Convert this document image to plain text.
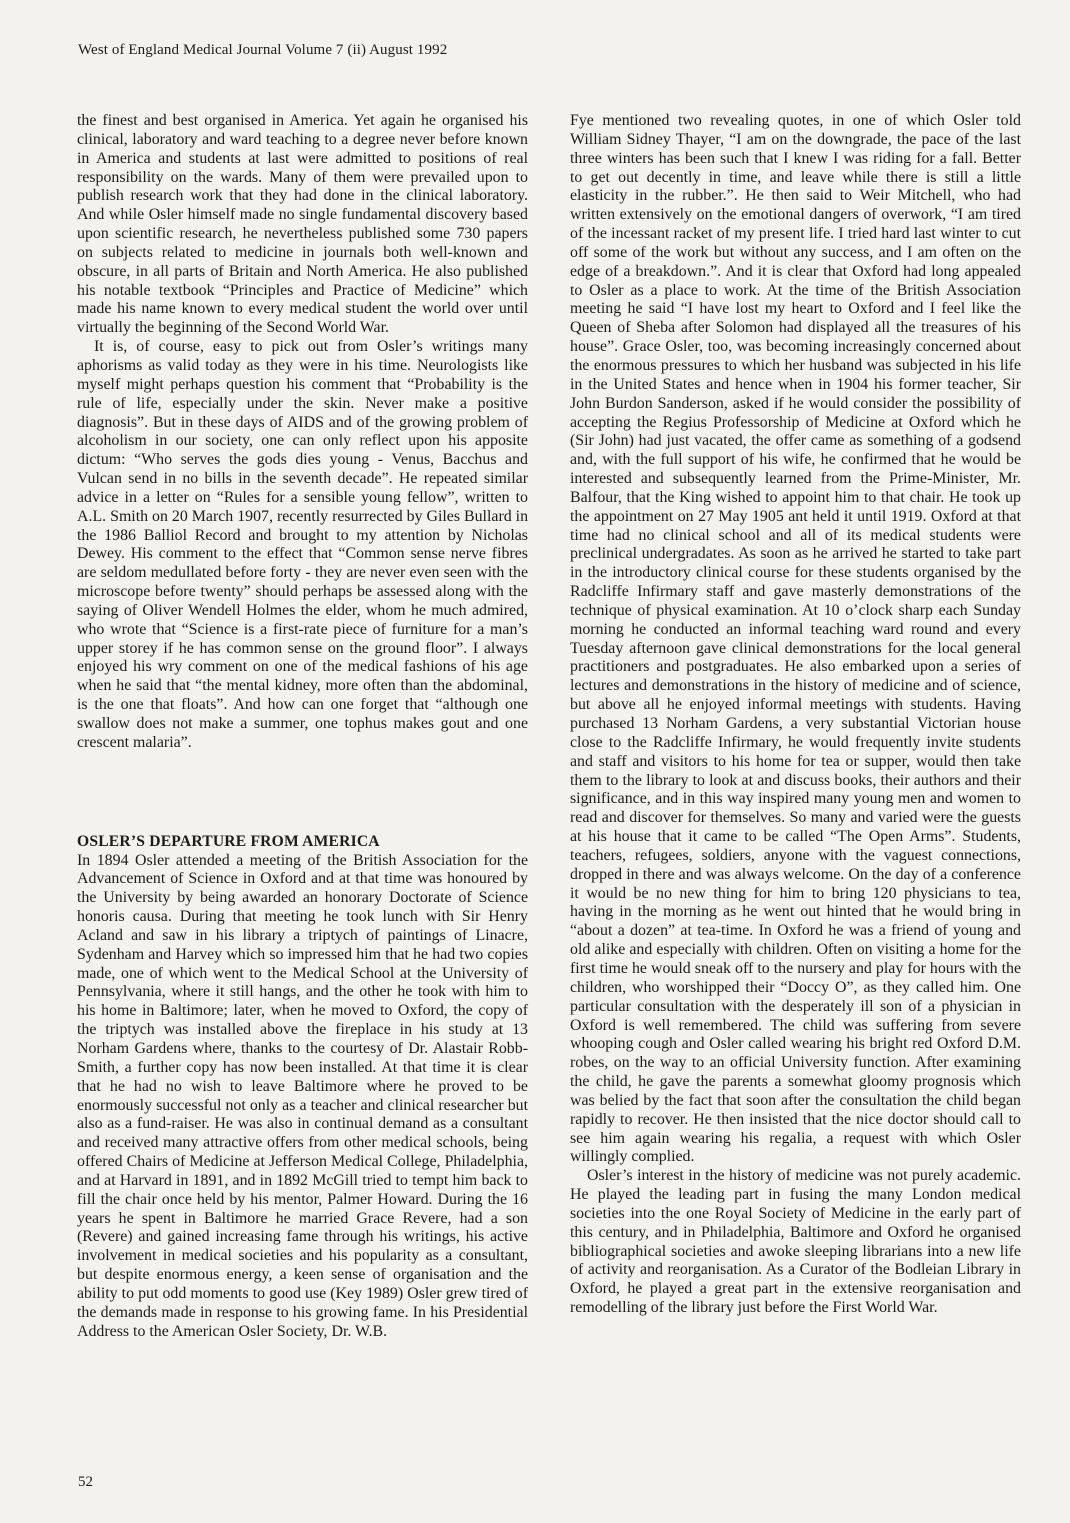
West of England Medical Journal Volume 7 (ii) August 1992

the finest and best organised in America. Yet again he organised his clinical, laboratory and ward teaching to a degree never before known in America and students at last were admitted to positions of real responsibility on the wards. Many of them were prevailed upon to publish research work that they had done in the clinical laboratory. And while Osler himself made no single fundamental discovery based upon scientific research, he nevertheless published some 730 papers on subjects related to medicine in journals both well-known and obscure, in all parts of Britain and North America. He also published his notable textbook “Principles and Practice of Medicine” which made his name known to every medical student the world over until virtually the beginning of the Second World War.

It is, of course, easy to pick out from Osler’s writings many aphorisms as valid today as they were in his time. Neurologists like myself might perhaps question his comment that “Probability is the rule of life, especially under the skin. Never make a positive diagnosis”. But in these days of AIDS and of the growing problem of alcoholism in our society, one can only reflect upon his apposite dictum: “Who serves the gods dies young - Venus, Bacchus and Vulcan send in no bills in the seventh decade”. He repeated similar advice in a letter on “Rules for a sensible young fellow”, written to A.L. Smith on 20 March 1907, recently resurrected by Giles Bullard in the 1986 Balliol Record and brought to my attention by Nicholas Dewey. His comment to the effect that “Common sense nerve fibres are seldom medullated before forty - they are never even seen with the microscope before twenty” should perhaps be assessed along with the saying of Oliver Wendell Holmes the elder, whom he much admired, who wrote that “Science is a first-rate piece of furniture for a man’s upper storey if he has common sense on the ground floor”. I always enjoyed his wry comment on one of the medical fashions of his age when he said that “the mental kidney, more often than the abdominal, is the one that floats”. And how can one forget that “although one swallow does not make a summer, one tophus makes gout and one crescent malaria”.

OSLER’S DEPARTURE FROM AMERICA

In 1894 Osler attended a meeting of the British Association for the Advancement of Science in Oxford and at that time was honoured by the University by being awarded an honorary Doctorate of Science honoris causa. During that meeting he took lunch with Sir Henry Acland and saw in his library a triptych of paintings of Linacre, Sydenham and Harvey which so impressed him that he had two copies made, one of which went to the Medical School at the University of Pennsylvania, where it still hangs, and the other he took with him to his home in Baltimore; later, when he moved to Oxford, the copy of the triptych was installed above the fireplace in his study at 13 Norham Gardens where, thanks to the courtesy of Dr. Alastair Robb-Smith, a further copy has now been installed. At that time it is clear that he had no wish to leave Baltimore where he proved to be enormously successful not only as a teacher and clinical researcher but also as a fund-raiser. He was also in continual demand as a consultant and received many attractive offers from other medical schools, being offered Chairs of Medicine at Jefferson Medical College, Philadelphia, and at Harvard in 1891, and in 1892 McGill tried to tempt him back to fill the chair once held by his mentor, Palmer Howard. During the 16 years he spent in Baltimore he married Grace Revere, had a son (Revere) and gained increasing fame through his writings, his active involvement in medical societies and his popularity as a consultant, but despite enormous energy, a keen sense of organisation and the ability to put odd moments to good use (Key 1989) Osler grew tired of the demands made in response to his growing fame. In his Presidential Address to the American Osler Society, Dr. W.B.

Fye mentioned two revealing quotes, in one of which Osler told William Sidney Thayer, “I am on the downgrade, the pace of the last three winters has been such that I knew I was riding for a fall. Better to get out decently in time, and leave while there is still a little elasticity in the rubber.”. He then said to Weir Mitchell, who had written extensively on the emotional dangers of overwork, “I am tired of the incessant racket of my present life. I tried hard last winter to cut off some of the work but without any success, and I am often on the edge of a breakdown.”. And it is clear that Oxford had long appealed to Osler as a place to work. At the time of the British Association meeting he said “I have lost my heart to Oxford and I feel like the Queen of Sheba after Solomon had displayed all the treasures of his house”. Grace Osler, too, was becoming increasingly concerned about the enormous pressures to which her husband was subjected in his life in the United States and hence when in 1904 his former teacher, Sir John Burdon Sanderson, asked if he would consider the possibility of accepting the Regius Professorship of Medicine at Oxford which he (Sir John) had just vacated, the offer came as something of a godsend and, with the full support of his wife, he confirmed that he would be interested and subsequently learned from the Prime-Minister, Mr. Balfour, that the King wished to appoint him to that chair. He took up the appointment on 27 May 1905 ant held it until 1919. Oxford at that time had no clinical school and all of its medical students were preclinical undergradates. As soon as he arrived he started to take part in the introductory clinical course for these students organised by the Radcliffe Infirmary staff and gave masterly demonstrations of the technique of physical examination. At 10 o’clock sharp each Sunday morning he conducted an informal teaching ward round and every Tuesday afternoon gave clinical demonstrations for the local general practitioners and postgraduates. He also embarked upon a series of lectures and demonstrations in the history of medicine and of science, but above all he enjoyed informal meetings with students. Having purchased 13 Norham Gardens, a very substantial Victorian house close to the Radcliffe Infirmary, he would frequently invite students and staff and visitors to his home for tea or supper, would then take them to the library to look at and discuss books, their authors and their significance, and in this way inspired many young men and women to read and discover for themselves. So many and varied were the guests at his house that it came to be called “The Open Arms”. Students, teachers, refugees, soldiers, anyone with the vaguest connections, dropped in there and was always welcome. On the day of a conference it would be no new thing for him to bring 120 physicians to tea, having in the morning as he went out hinted that he would bring in “about a dozen” at tea-time. In Oxford he was a friend of young and old alike and especially with children. Often on visiting a home for the first time he would sneak off to the nursery and play for hours with the children, who worshipped their “Doccy O”, as they called him. One particular consultation with the desperately ill son of a physician in Oxford is well remembered. The child was suffering from severe whooping cough and Osler called wearing his bright red Oxford D.M. robes, on the way to an official University function. After examining the child, he gave the parents a somewhat gloomy prognosis which was belied by the fact that soon after the consultation the child began rapidly to recover. He then insisted that the nice doctor should call to see him again wearing his regalia, a request with which Osler willingly complied.

Osler’s interest in the history of medicine was not purely academic. He played the leading part in fusing the many London medical societies into the one Royal Society of Medicine in the early part of this century, and in Philadelphia, Baltimore and Oxford he organised bibliographical societies and awoke sleeping librarians into a new life of activity and reorganisation. As a Curator of the Bodleian Library in Oxford, he played a great part in the extensive reorganisation and remodelling of the library just before the First World War.

52
